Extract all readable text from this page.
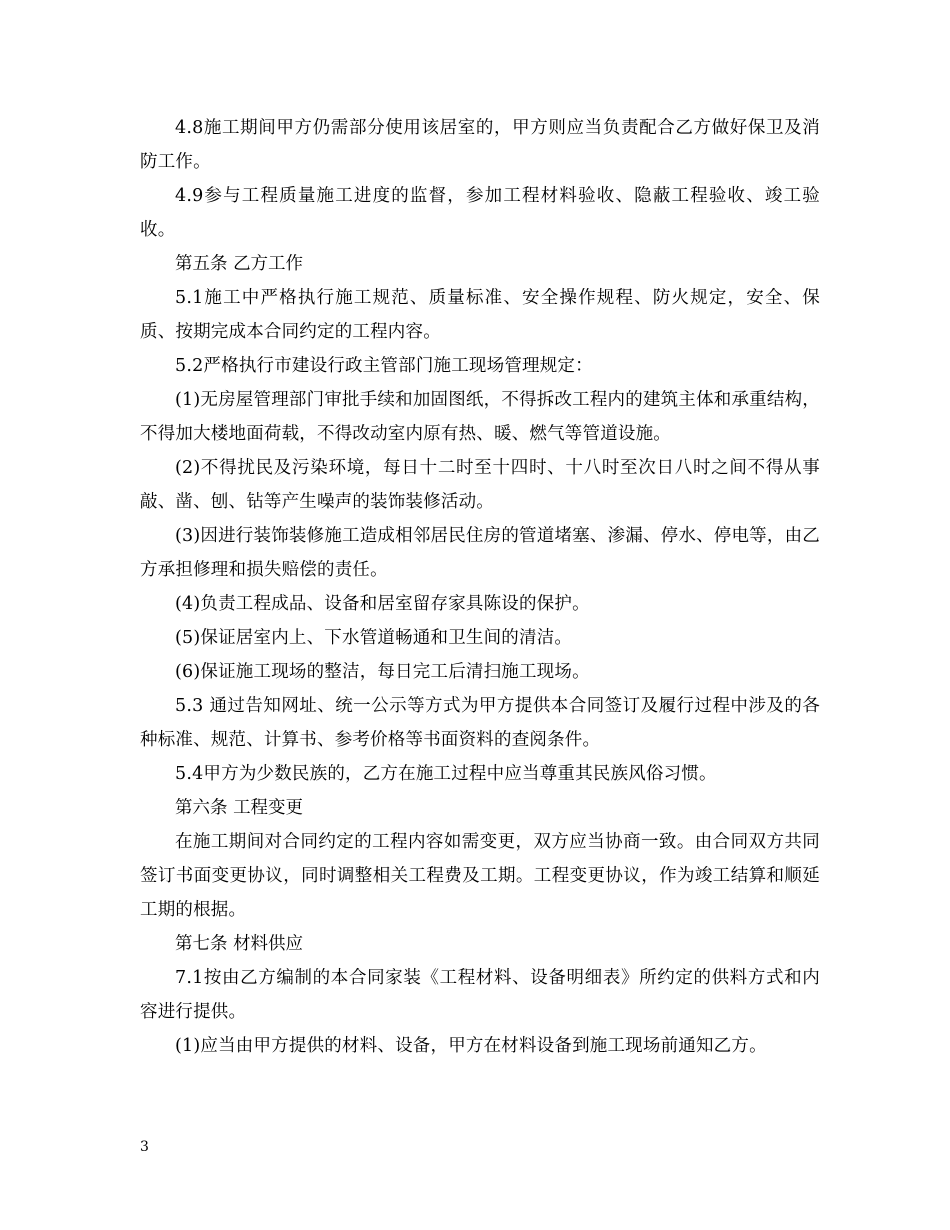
4.8施工期间甲方仍需部分使用该居室的，甲方则应当负责配合乙方做好保卫及消防工作。

4.9参与工程质量施工进度的监督，参加工程材料验收、隐蔽工程验收、竣工验收。

第五条 乙方工作

5.1施工中严格执行施工规范、质量标准、安全操作规程、防火规定，安全、保质、按期完成本合同约定的工程内容。

5.2严格执行市建设行政主管部门施工现场管理规定：

(1)无房屋管理部门审批手续和加固图纸，不得拆改工程内的建筑主体和承重结构，不得加大楼地面荷载，不得改动室内原有热、暖、燃气等管道设施。

(2)不得扰民及污染环境，每日十二时至十四时、十八时至次日八时之间不得从事敲、凿、刨、钻等产生噪声的装饰装修活动。

(3)因进行装饰装修施工造成相邻居民住房的管道堵塞、渗漏、停水、停电等，由乙方承担修理和损失赔偿的责任。

(4)负责工程成品、设备和居室留存家具陈设的保护。

(5)保证居室内上、下水管道畅通和卫生间的清洁。

(6)保证施工现场的整洁，每日完工后清扫施工现场。

5.3 通过告知网址、统一公示等方式为甲方提供本合同签订及履行过程中涉及的各种标准、规范、计算书、参考价格等书面资料的查阅条件。

5.4甲方为少数民族的，乙方在施工过程中应当尊重其民族风俗习惯。

第六条 工程变更

在施工期间对合同约定的工程内容如需变更，双方应当协商一致。由合同双方共同签订书面变更协议，同时调整相关工程费及工期。工程变更协议，作为竣工结算和顺延工期的根据。

第七条 材料供应

7.1按由乙方编制的本合同家装《工程材料、设备明细表》所约定的供料方式和内容进行提供。

(1)应当由甲方提供的材料、设备，甲方在材料设备到施工现场前通知乙方。

3
